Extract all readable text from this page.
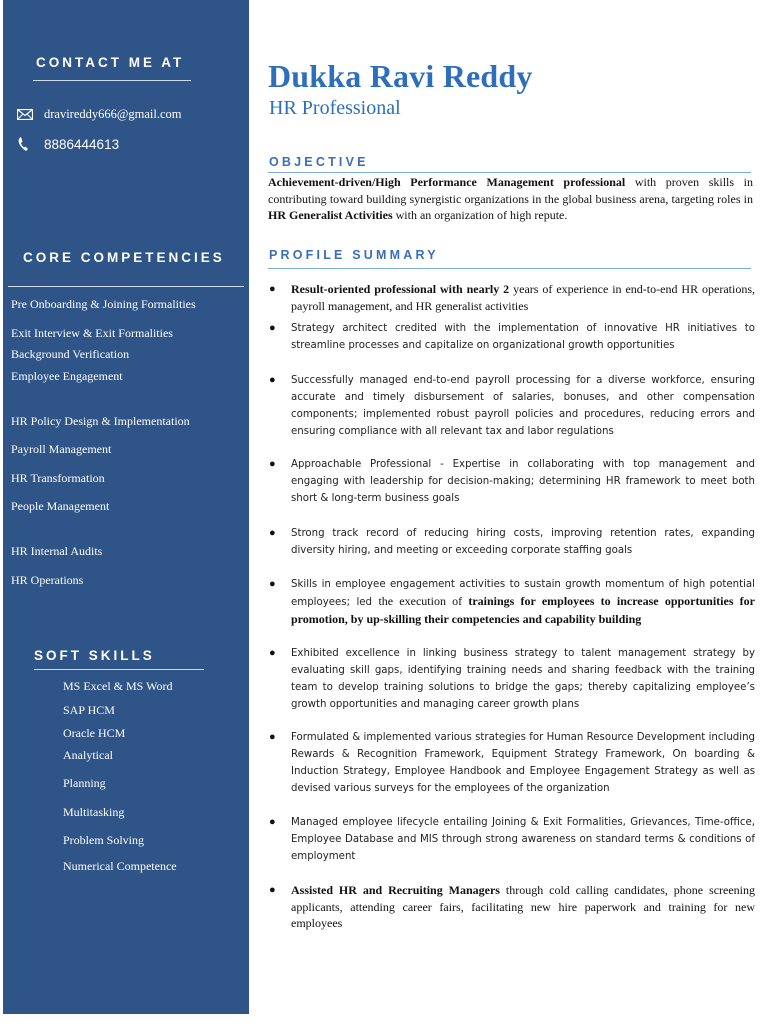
CONTACT ME AT
dravireddy666@gmail.com
8886444613
CORE COMPETENCIES
Pre Onboarding & Joining Formalities
Exit Interview & Exit Formalities
Background Verification
Employee Engagement
HR Policy Design & Implementation
Payroll Management
HR Transformation
People Management
HR Internal Audits
HR Operations
SOFT SKILLS
MS Excel & MS Word
SAP HCM
Oracle HCM
Analytical
Planning
Multitasking
Problem Solving
Numerical Competence
Dukka Ravi Reddy
HR Professional
OBJECTIVE
Achievement-driven/High Performance Management professional with proven skills in contributing toward building synergistic organizations in the global business arena, targeting roles in HR Generalist Activities with an organization of high repute.
PROFILE SUMMARY
●	Result-oriented professional with nearly 2 years of experience in end-to-end HR operations, payroll management, and HR generalist activities
●	Strategy architect credited with the implementation of innovative HR initiatives to streamline processes and capitalize on organizational growth opportunities
●	Successfully managed end-to-end payroll processing for a diverse workforce, ensuring accurate and timely disbursement of salaries, bonuses, and other compensation components; implemented robust payroll policies and procedures, reducing errors and ensuring compliance with all relevant tax and labor regulations
●	Approachable Professional - Expertise in collaborating with top management and engaging with leadership for decision-making; determining HR framework to meet both short & long-term business goals
●	Strong track record of reducing hiring costs, improving retention rates, expanding diversity hiring, and meeting or exceeding corporate staffing goals
●	Skills in employee engagement activities to sustain growth momentum of high potential employees; led the execution of trainings for employees to increase opportunities for promotion, by up-skilling their competencies and capability building
●	Exhibited excellence in linking business strategy to talent management strategy by evaluating skill gaps, identifying training needs and sharing feedback with the training team to develop training solutions to bridge the gaps; thereby capitalizing employee’s growth opportunities and managing career growth plans
●	Formulated & implemented various strategies for Human Resource Development including Rewards & Recognition Framework, Equipment Strategy Framework, On boarding & Induction Strategy, Employee Handbook and Employee Engagement Strategy as well as devised various surveys for the employees of the organization
●	Managed employee lifecycle entailing Joining & Exit Formalities, Grievances, Time-office, Employee Database and MIS through strong awareness on standard terms & conditions of employment
●	Assisted HR and Recruiting Managers through cold calling candidates, phone screening applicants, attending career fairs, facilitating new hire paperwork and training for new employees
